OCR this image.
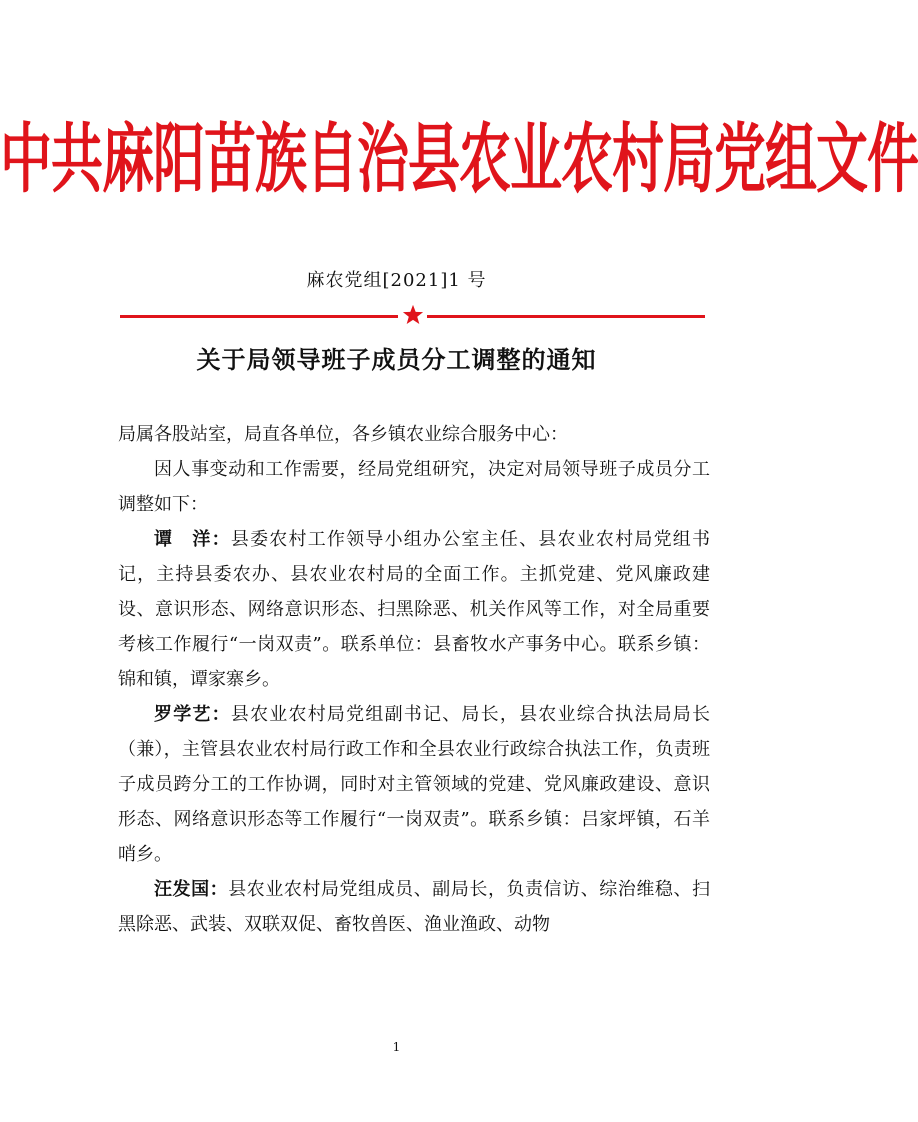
中共麻阳苗族自治县农业农村局党组文件
麻农党组[2021]1 号
关于局领导班子成员分工调整的通知

局属各股站室，局直各单位，各乡镇农业综合服务中心：

因人事变动和工作需要，经局党组研究，决定对局领导班子成员分工调整如下：

谭　洋：县委农村工作领导小组办公室主任、县农业农村局党组书记，主持县委农办、县农业农村局的全面工作。主抓党建、党风廉政建设、意识形态、网络意识形态、扫黑除恶、机关作风等工作，对全局重要考核工作履行“一岗双责”。联系单位：县畜牧水产事务中心。联系乡镇：锦和镇，谭家寨乡。

罗学艺：县农业农村局党组副书记、局长，县农业综合执法局局长（兼），主管县农业农村局行政工作和全县农业行政综合执法工作，负责班子成员跨分工的工作协调，同时对主管领域的党建、党风廉政建设、意识形态、网络意识形态等工作履行“一岗双责”。联系乡镇：吕家坪镇，石羊哨乡。

汪发国：县农业农村局党组成员、副局长，负责信访、综治维稳、扫黑除恶、武装、双联双促、畜牧兽医、渔业渔政、动物

1
